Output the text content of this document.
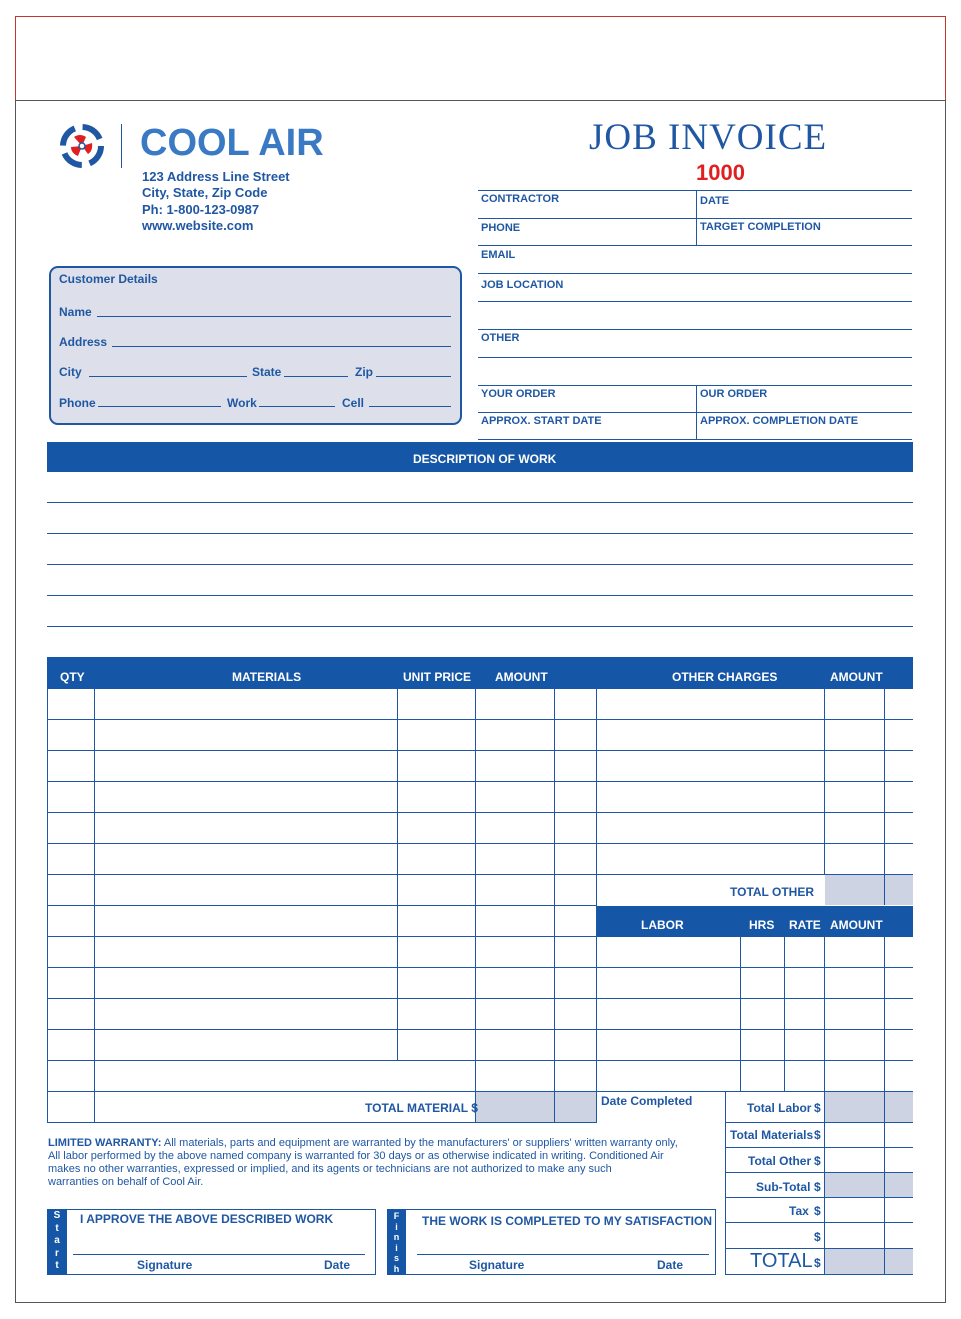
COOL AIR
123 Address Line Street
City, State, Zip Code
Ph: 1-800-123-0987
www.website.com
JOB INVOICE
1000
CONTRACTOR	DATE
PHONE	TARGET COMPLETION
EMAIL
JOB LOCATION
OTHER
YOUR ORDER	OUR ORDER
APPROX. START DATE	APPROX. COMPLETION DATE
Customer Details
Name
Address
City	State	Zip
Phone	Work	Cell
DESCRIPTION OF WORK
QTY	MATERIALS	UNIT PRICE AMOUNT	OTHER CHARGES	AMOUNT
TOTAL MATERIAL $
TOTAL OTHER
LABOR	HRS RATE AMOUNT
Date Completed	Total Labor $
Total Materials $
Total Other $
Sub-Total $
Tax $
$
TOTAL $
LIMITED WARRANTY: All materials, parts and equipment are warranted by the manufacturers' or suppliers' written warranty only,
All labor performed by the above named company is warranted for 30 days or as otherwise indicated in writing. Conditioned Air
makes no other warranties, expressed or implied, and its agents or technicians are not authorized to make any such
warranties on behalf of Cool Air.
S
t
a
r
t
I APPROVE THE ABOVE DESCRIBED WORK
Signature	Date
F
i
n
i
s
h
THE WORK IS COMPLETED TO MY SATISFACTION
Signature	Date
